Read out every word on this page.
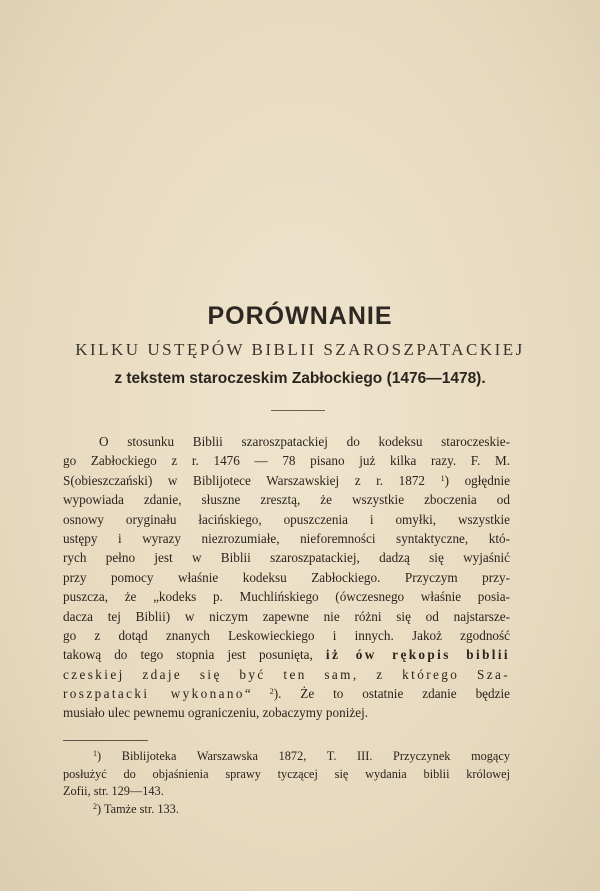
PORÓWNANIE
KILKU USTĘPÓW BIBLII SZAROSZPATACKIEJ
z tekstem staroczeskim Zabłockiego (1476—1478).
O stosunku Biblii szaroszpatackiej do kodeksu staroczeskie-
go Zabłockiego z r. 1476 — 78 pisano już kilka razy. F. M.
S(obieszczański) w Biblijotece Warszawskiej z r. 1872 $^1$) ogłędnie
wypowiada zdanie, słuszne zresztą, że wszystkie zboczenia od
osnowy oryginału łacińskiego, opuszczenia i omyłki, wszystkie
ustępy i wyrazy niezrozumiałe, nieforemności syntaktyczne, któ-
rych pełno jest w Biblii szaroszpatackiej, dadzą się wyjaśnić
przy pomocy właśnie kodeksu Zabłockiego. Przyczym przy-
puszcza, że „kodeks p. Muchlińskiego (ówczesnego właśnie posia-
dacza tej Biblii) w niczym zapewne nie różni się od najstarsze-
go z dotąd znanych Leskowieckiego i innych. Jakoż zgodność
takową do tego stopnia jest posunięta, iż ów rękopis biblii
czeskiej zdaje się być ten sam, z którego Sza-
roszpatacki wykonano“ $^2$). Że to ostatnie zdanie będzie
musiało ulec pewnemu ograniczeniu, zobaczymy poniżej.
$^1$) Biblijoteka Warszawska 1872, T. III. Przyczynek mogący
posłużyć do objaśnienia sprawy tyczącej się wydania biblii królowej
Zofii, str. 129—143.
$^2$) Tamże str. 133.
